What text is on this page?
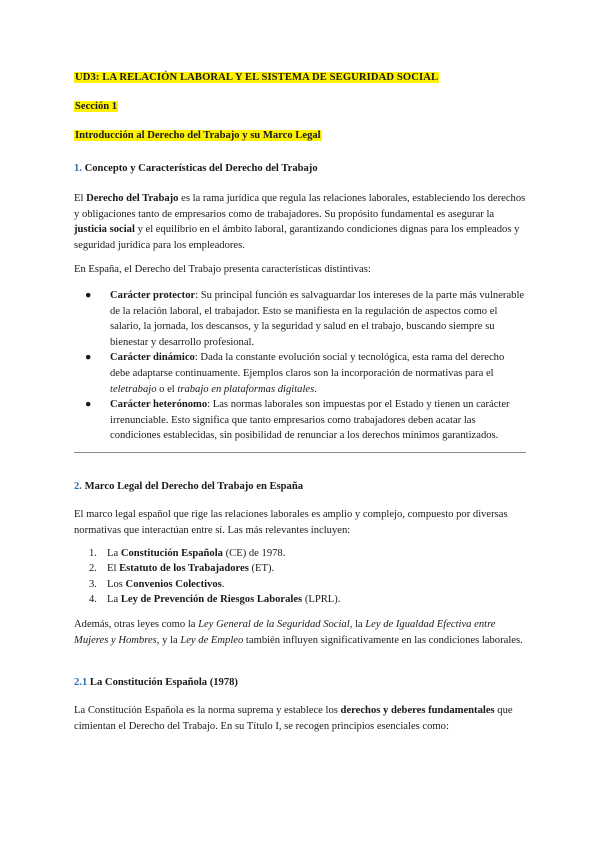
UD3: LA RELACIÓN LABORAL Y EL SISTEMA DE SEGURIDAD SOCIAL
Sección 1
Introducción al Derecho del Trabajo y su Marco Legal
1. Concepto y Características del Derecho del Trabajo

El Derecho del Trabajo es la rama jurídica que regula las relaciones laborales, estableciendo los derechos y obligaciones tanto de empresarios como de trabajadores. Su propósito fundamental es asegurar la justicia social y el equilibrio en el ámbito laboral, garantizando condiciones dignas para los empleados y seguridad jurídica para los empleadores.

En España, el Derecho del Trabajo presenta características distintivas:

● Carácter protector: Su principal función es salvaguardar los intereses de la parte más vulnerable de la relación laboral, el trabajador. Esto se manifiesta en la regulación de aspectos como el salario, la jornada, los descansos, y la seguridad y salud en el trabajo, buscando siempre su bienestar y desarrollo profesional.
● Carácter dinámico: Dada la constante evolución social y tecnológica, esta rama del derecho debe adaptarse continuamente. Ejemplos claros son la incorporación de normativas para el teletrabajo o el trabajo en plataformas digitales.
● Carácter heterónomo: Las normas laborales son impuestas por el Estado y tienen un carácter irrenunciable. Esto significa que tanto empresarios como trabajadores deben acatar las condiciones establecidas, sin posibilidad de renunciar a los derechos mínimos garantizados.
2. Marco Legal del Derecho del Trabajo en España

El marco legal español que rige las relaciones laborales es amplio y complejo, compuesto por diversas normativas que interactúan entre sí. Las más relevantes incluyen:

1. La Constitución Española (CE) de 1978.
2. El Estatuto de los Trabajadores (ET).
3. Los Convenios Colectivos.
4. La Ley de Prevención de Riesgos Laborales (LPRL).

Además, otras leyes como la Ley General de la Seguridad Social, la Ley de Igualdad Efectiva entre Mujeres y Hombres, y la Ley de Empleo también influyen significativamente en las condiciones laborales.

2.1 La Constitución Española (1978)

La Constitución Española es la norma suprema y establece los derechos y deberes fundamentales que cimientan el Derecho del Trabajo. En su Título I, se recogen principios esenciales como:
